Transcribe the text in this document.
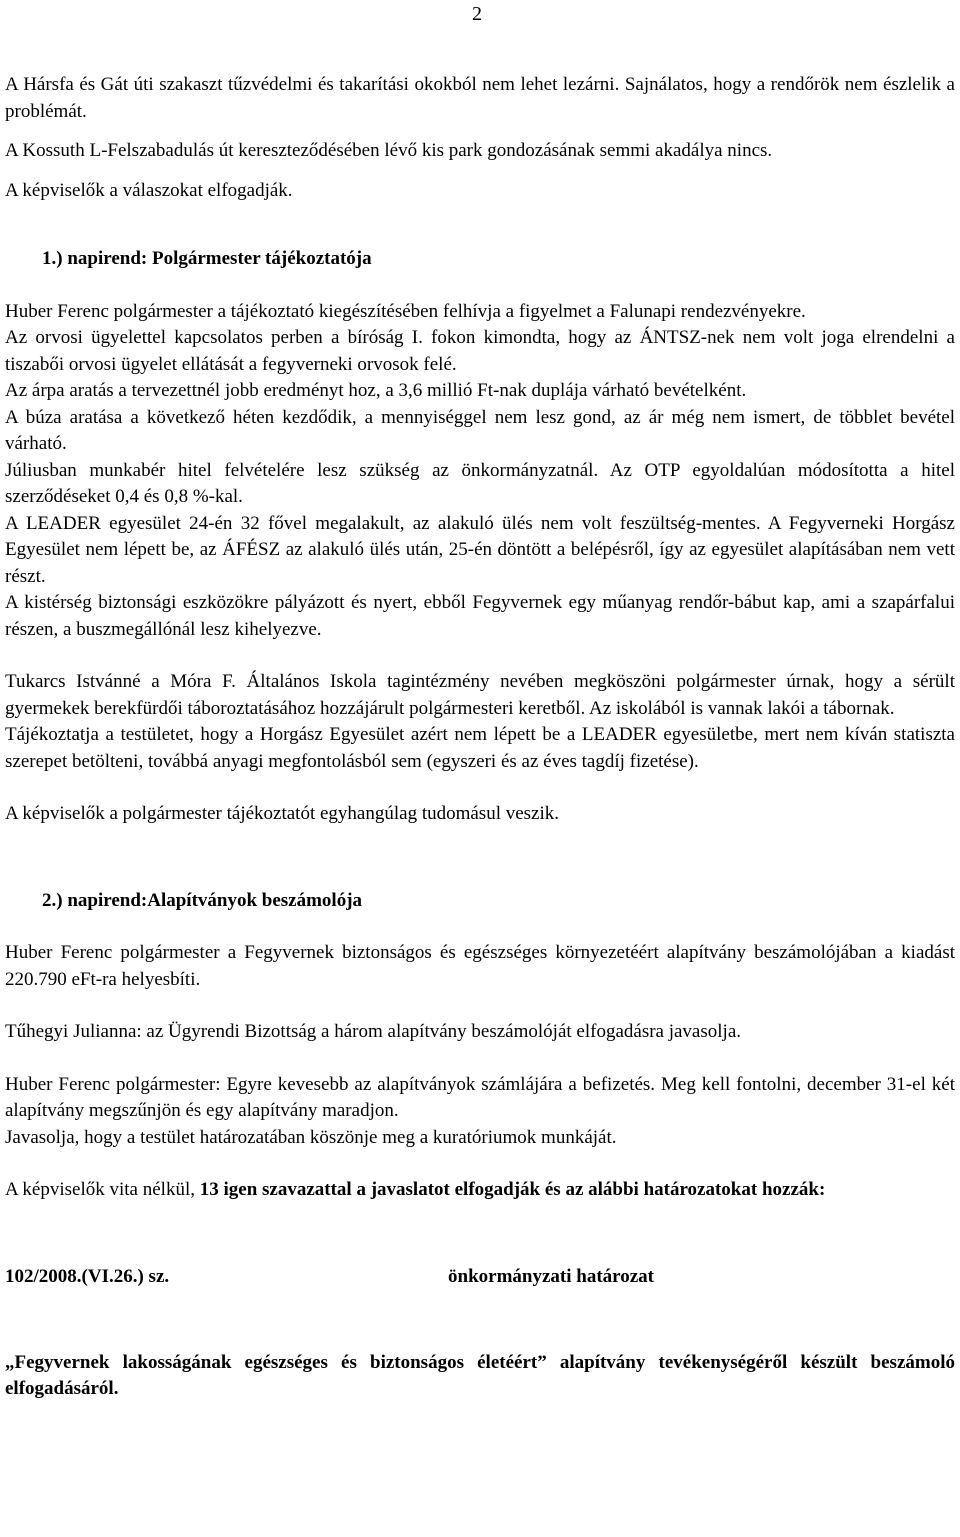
2

A Hársfa és Gát úti szakaszt tűzvédelmi és takarítási okokból nem lehet lezárni. Sajnálatos, hogy a rendőrök nem észlelik a problémát.

A Kossuth L-Felszabadulás út kereszteződésében lévő kis park gondozásának semmi akadálya nincs.

A képviselők a válaszokat elfogadják.

1.) napirend: Polgármester tájékoztatója

Huber Ferenc polgármester a tájékoztató kiegészítésében felhívja a figyelmet a Falunapi rendezvényekre.

Az orvosi ügyelettel kapcsolatos perben a bíróság I. fokon kimondta, hogy az ÁNTSZ-nek nem volt joga elrendelni a tiszabői orvosi ügyelet ellátását a fegyverneki orvosok felé.

Az árpa aratás a tervezettnél jobb eredményt hoz, a 3,6 millió Ft-nak duplája várható bevételként.

A búza aratása a következő héten kezdődik, a mennyiséggel nem lesz gond, az ár még nem ismert, de többlet bevétel várható.

Júliusban munkabér hitel felvételére lesz szükség az önkormányzatnál. Az OTP egyoldalúan módosította a hitel szerződéseket 0,4 és 0,8 %-kal.

A LEADER egyesület 24-én 32 fővel megalakult, az alakuló ülés nem volt feszültség-mentes. A Fegyverneki Horgász Egyesület nem lépett be, az ÁFÉSZ az alakuló ülés után, 25-én döntött a belépésről, így az egyesület alapításában nem vett részt.

A kistérség biztonsági eszközökre pályázott és nyert, ebből Fegyvernek egy műanyag rendőr-bábut kap, ami a szapárfalui részen, a buszmegállónál lesz kihelyezve.

Tukarcs Istvánné a Móra F. Általános Iskola tagintézmény nevében megköszöni polgármester úrnak, hogy a sérült gyermekek berekfürdői táboroztatásához hozzájárult polgármesteri keretből. Az iskolából is vannak lakói a tábornak.

Tájékoztatja a testületet, hogy a Horgász Egyesület azért nem lépett be a LEADER egyesületbe, mert nem kíván statiszta szerepet betölteni, továbbá anyagi megfontolásból sem (egyszeri és az éves tagdíj fizetése).

A képviselők a polgármester tájékoztatót egyhangúlag tudomásul veszik.

2.) napirend:Alapítványok beszámolója

Huber Ferenc polgármester a Fegyvernek biztonságos és egészséges környezetéért alapítvány beszámolójában a kiadást 220.790 eFt-ra helyesbíti.

Tűhegyi Julianna: az Ügyrendi Bizottság a három alapítvány beszámolóját elfogadásra javasolja.

Huber Ferenc polgármester: Egyre kevesebb az alapítványok számlájára a befizetés. Meg kell fontolni, december 31-el két alapítvány megszűnjön és egy alapítvány maradjon.

Javasolja, hogy a testület határozatában köszönje meg a kuratóriumok munkáját.

A képviselők vita nélkül, 13 igen szavazattal a javaslatot elfogadják és az alábbi határozatokat hozzák:

102/2008.(VI.26.) sz.	önkormányzati határozat

„Fegyvernek lakosságának egészséges és biztonságos életéért” alapítvány tevékenységéről készült beszámoló elfogadásáról.
